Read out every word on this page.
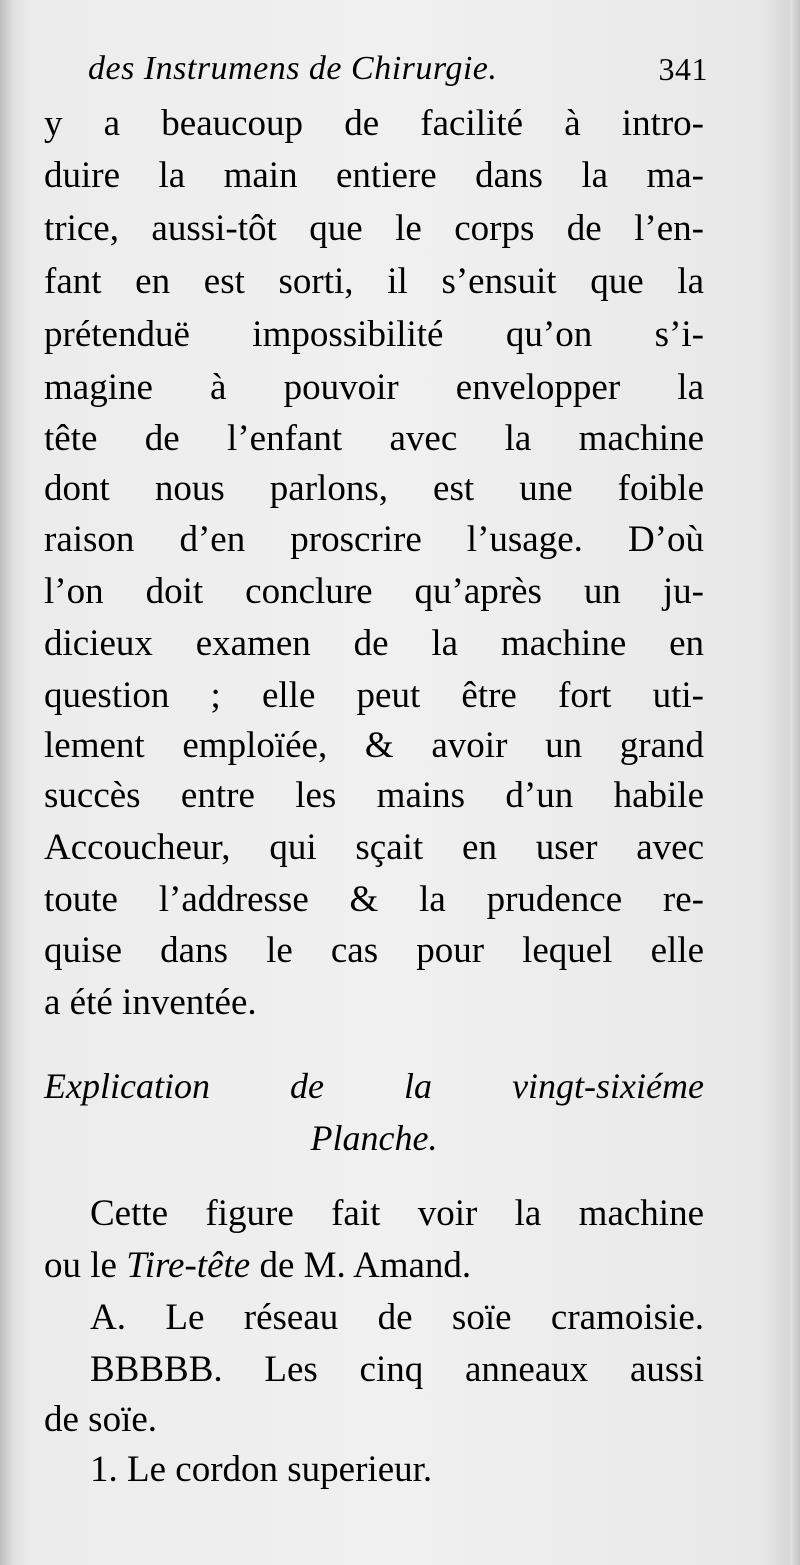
des Instrumens de Chirurgie.	341
y a beaucoup de facilité à intro-
duire la main entiere dans la ma-
trice, aussi-tôt que le corps de l’en-
fant en est sorti, il s’ensuit que la
prétenduë impossibilité qu’on s’i-
magine à pouvoir envelopper la
tête de l’enfant avec la machine
dont nous parlons, est une foible
raison d’en proscrire l’usage. D’où
l’on doit conclure qu’après un ju-
dicieux examen de la machine en
question ; elle peut être fort uti-
lement emploïée, & avoir un grand
succès entre les mains d’un habile
Accoucheur, qui sçait en user avec
toute l’addresse & la prudence re-
quise dans le cas pour lequel elle
a été inventée.
Explication de la vingt-sixiéme
Planche.
Cette figure fait voir la machine
ou le Tire-tête de M. Amand.
A. Le réseau de soïe cramoisie.
BBBBB. Les cinq anneaux aussi
de soïe.
1. Le cordon superieur.
